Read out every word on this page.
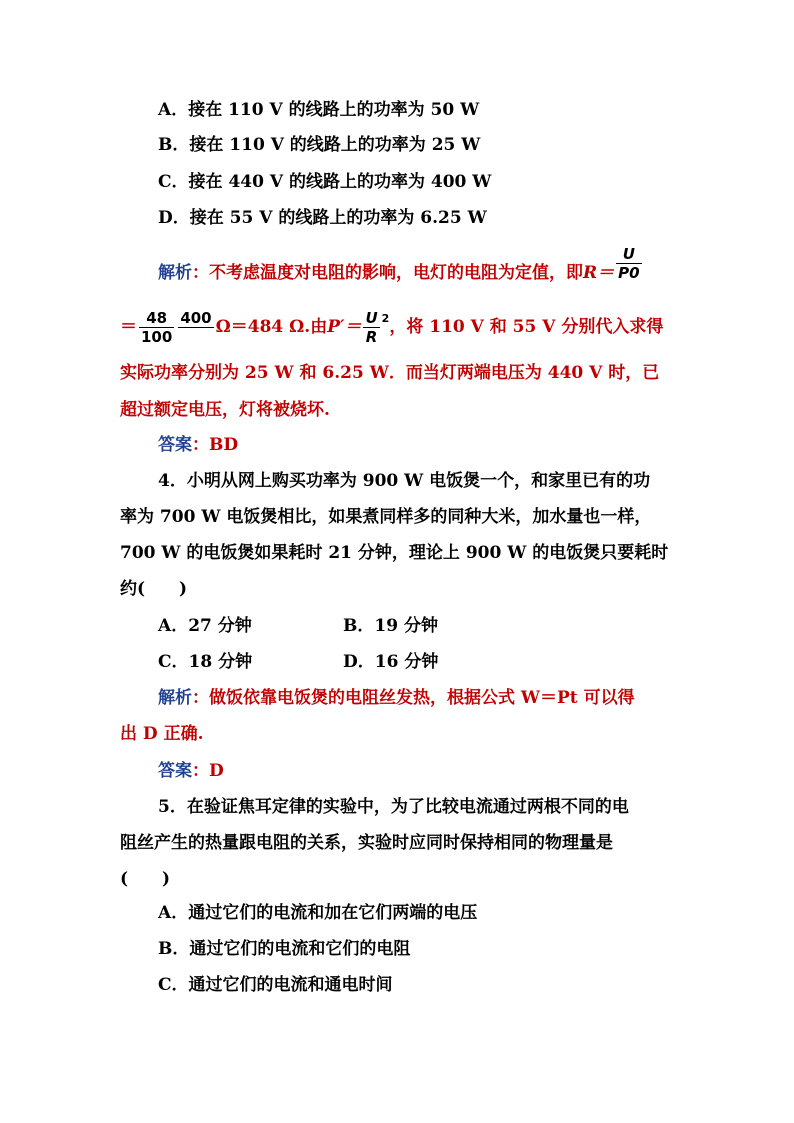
A．接在 110 V 的线路上的功率为 50 W
B．接在 110 V 的线路上的功率为 25 W
C．接在 440 V 的线路上的功率为 400 W
D．接在 55 V 的线路上的功率为 6.25 W
解析：不考虑温度对电阻的影响，电灯的电阻为定值，即$R= \frac{U}{P0}$
＝ $\frac{48}{100} 400$
Ω＝484 Ω.由$P'= \frac{U}{R} ^2$，将 110 V 和 55 V 分别代入求得
实际功率分别为 25 W 和 6.25 W．而当灯两端电压为 440 V 时，已
超过额定电压，灯将被烧坏.
答案：BD
4．小明从网上购买功率为 900 W 电饭煲一个，和家里已有的功
率为 700 W 电饭煲相比，如果煮同样多的同种大米，加水量也一样，
700 W 的电饭煲如果耗时 21 分钟，理论上 900 W 的电饭煲只要耗时
约(　　)
A．27 分钟	B．19 分钟
C．18 分钟	D．16 分钟
解析：做饭依靠电饭煲的电阻丝发热，根据公式 W＝Pt 可以得
出 D 正确.
答案：D
5．在验证焦耳定律的实验中，为了比较电流通过两根不同的电
阻丝产生的热量跟电阻的关系，实验时应同时保持相同的物理量是
(　　)
A．通过它们的电流和加在它们两端的电压
B．通过它们的电流和它们的电阻
C．通过它们的电流和通电时间
